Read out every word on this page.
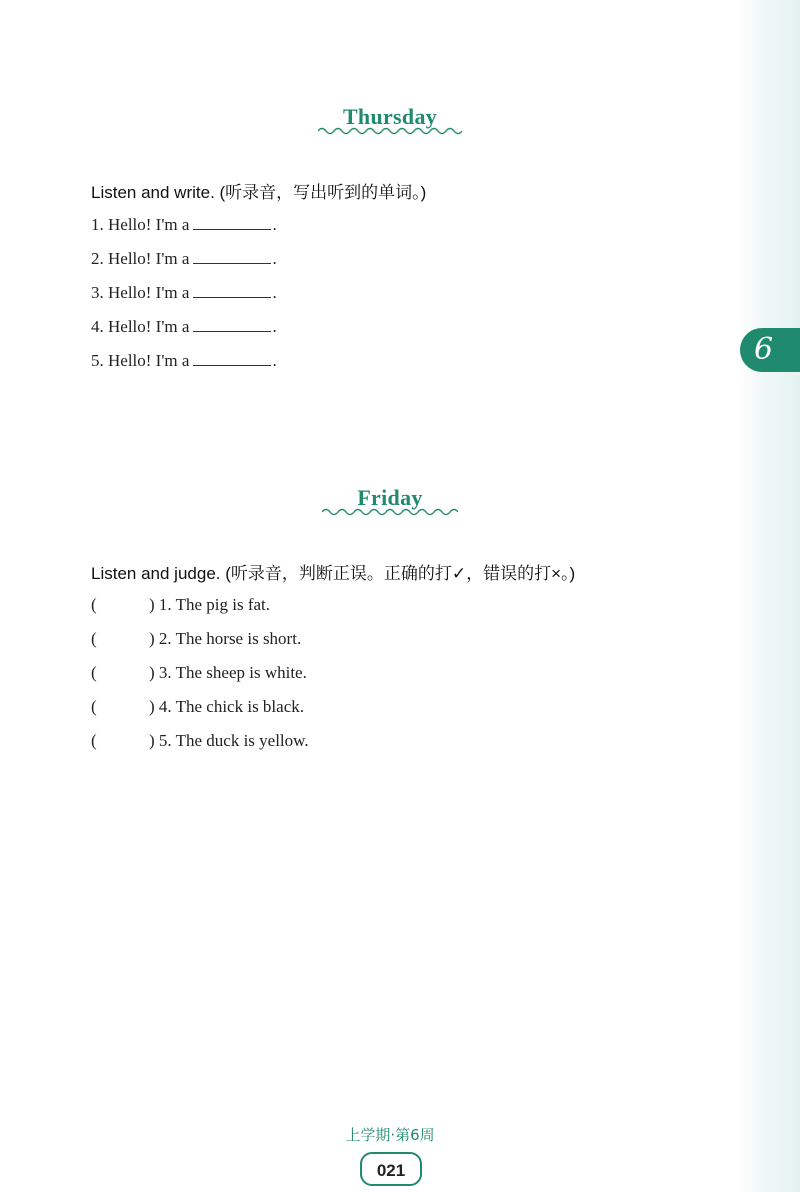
6
Thursday
Listen and write. (听录音，写出听到的单词。)
1. Hello! I'm a	.
2. Hello! I'm a	.
3. Hello! I'm a	.
4. Hello! I'm a	.
5. Hello! I'm a	.
Friday
Listen and judge. (听录音，判断正误。正确的打✓，错误的打×。)
(	) 1. The pig is fat.
(	) 2. The horse is short.
(	) 3. The sheep is white.
(	) 4. The chick is black.
(	) 5. The duck is yellow.
上学期·第6周
021
